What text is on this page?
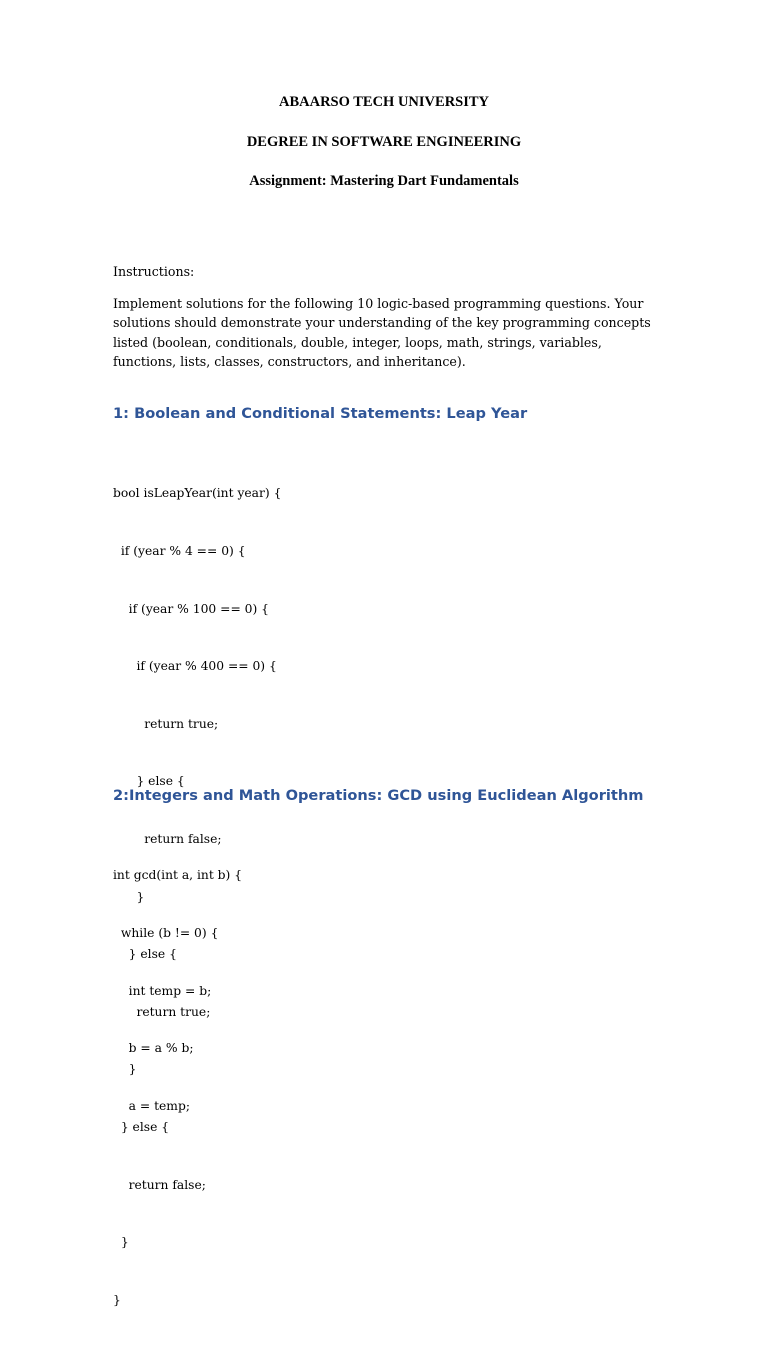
ABAARSO TECH UNIVERSITY
DEGREE IN SOFTWARE ENGINEERING
Assignment: Mastering Dart Fundamentals
Instructions:
Implement solutions for the following 10 logic-based programming questions. Your solutions should demonstrate your understanding of the key programming concepts listed (boolean, conditionals, double, integer, loops, math, strings, variables, functions, lists, classes, constructors, and inheritance).
1: Boolean and Conditional Statements: Leap Year

bool isLeapYear(int year) {

if (year % 4 == 0) {

if (year % 100 == 0) {

if (year % 400 == 0) {

return true;

} else {

return false;

}

} else {

return true;

}

} else {

return false;

}

}

2:Integers and Math Operations: GCD using Euclidean Algorithm

int gcd(int a, int b) {

while (b != 0) {

int temp = b;

b = a % b;

a = temp;
